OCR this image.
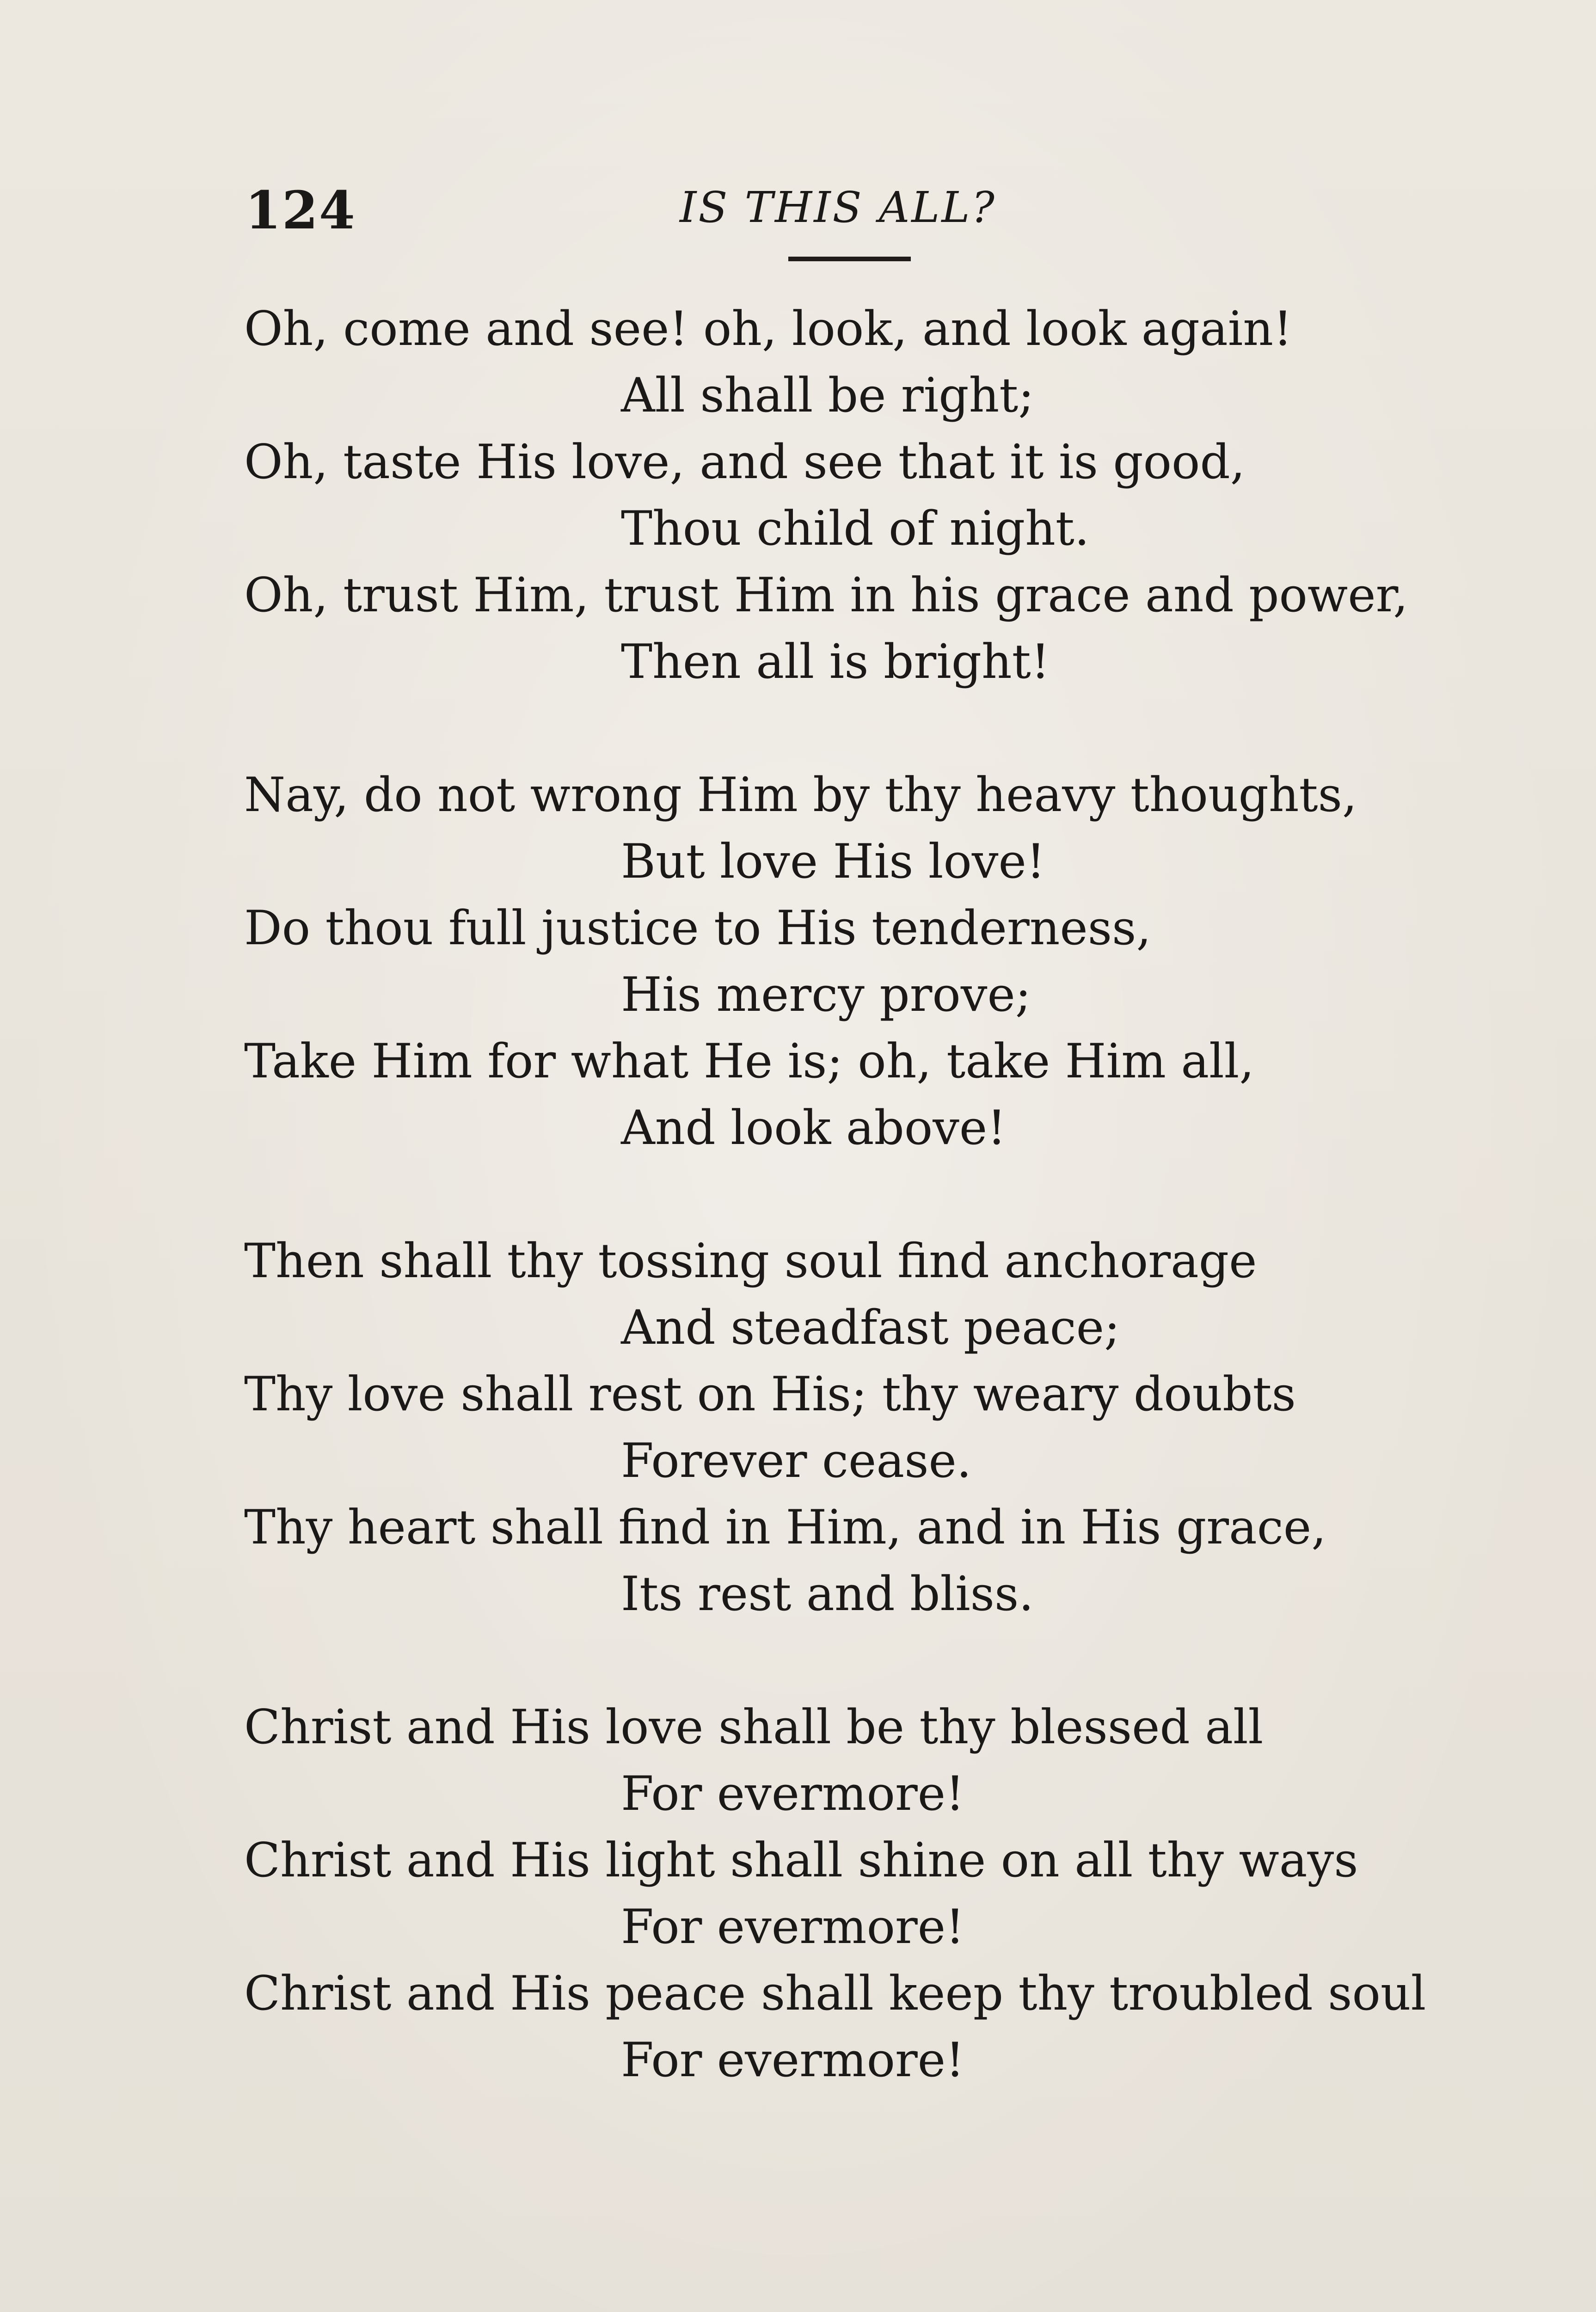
124	IS THIS ALL?
Oh, come and see! oh, look, and look again!
All shall be right;
Oh, taste His love, and see that it is good,
Thou child of night.
Oh, trust Him, trust Him in his grace and power,
Then all is bright!
Nay, do not wrong Him by thy heavy thoughts,
But love His love!
Do thou full justice to His tenderness,
His mercy prove;
Take Him for what He is; oh, take Him all,
And look above!
Then shall thy tossing soul find anchorage
And steadfast peace;
Thy love shall rest on His; thy weary doubts
Forever cease.
Thy heart shall find in Him, and in His grace,
Its rest and bliss.
Christ and His love shall be thy blessed all
For evermore!
Christ and His light shall shine on all thy ways
For evermore!
Christ and His peace shall keep thy troubled soul
For evermore!
